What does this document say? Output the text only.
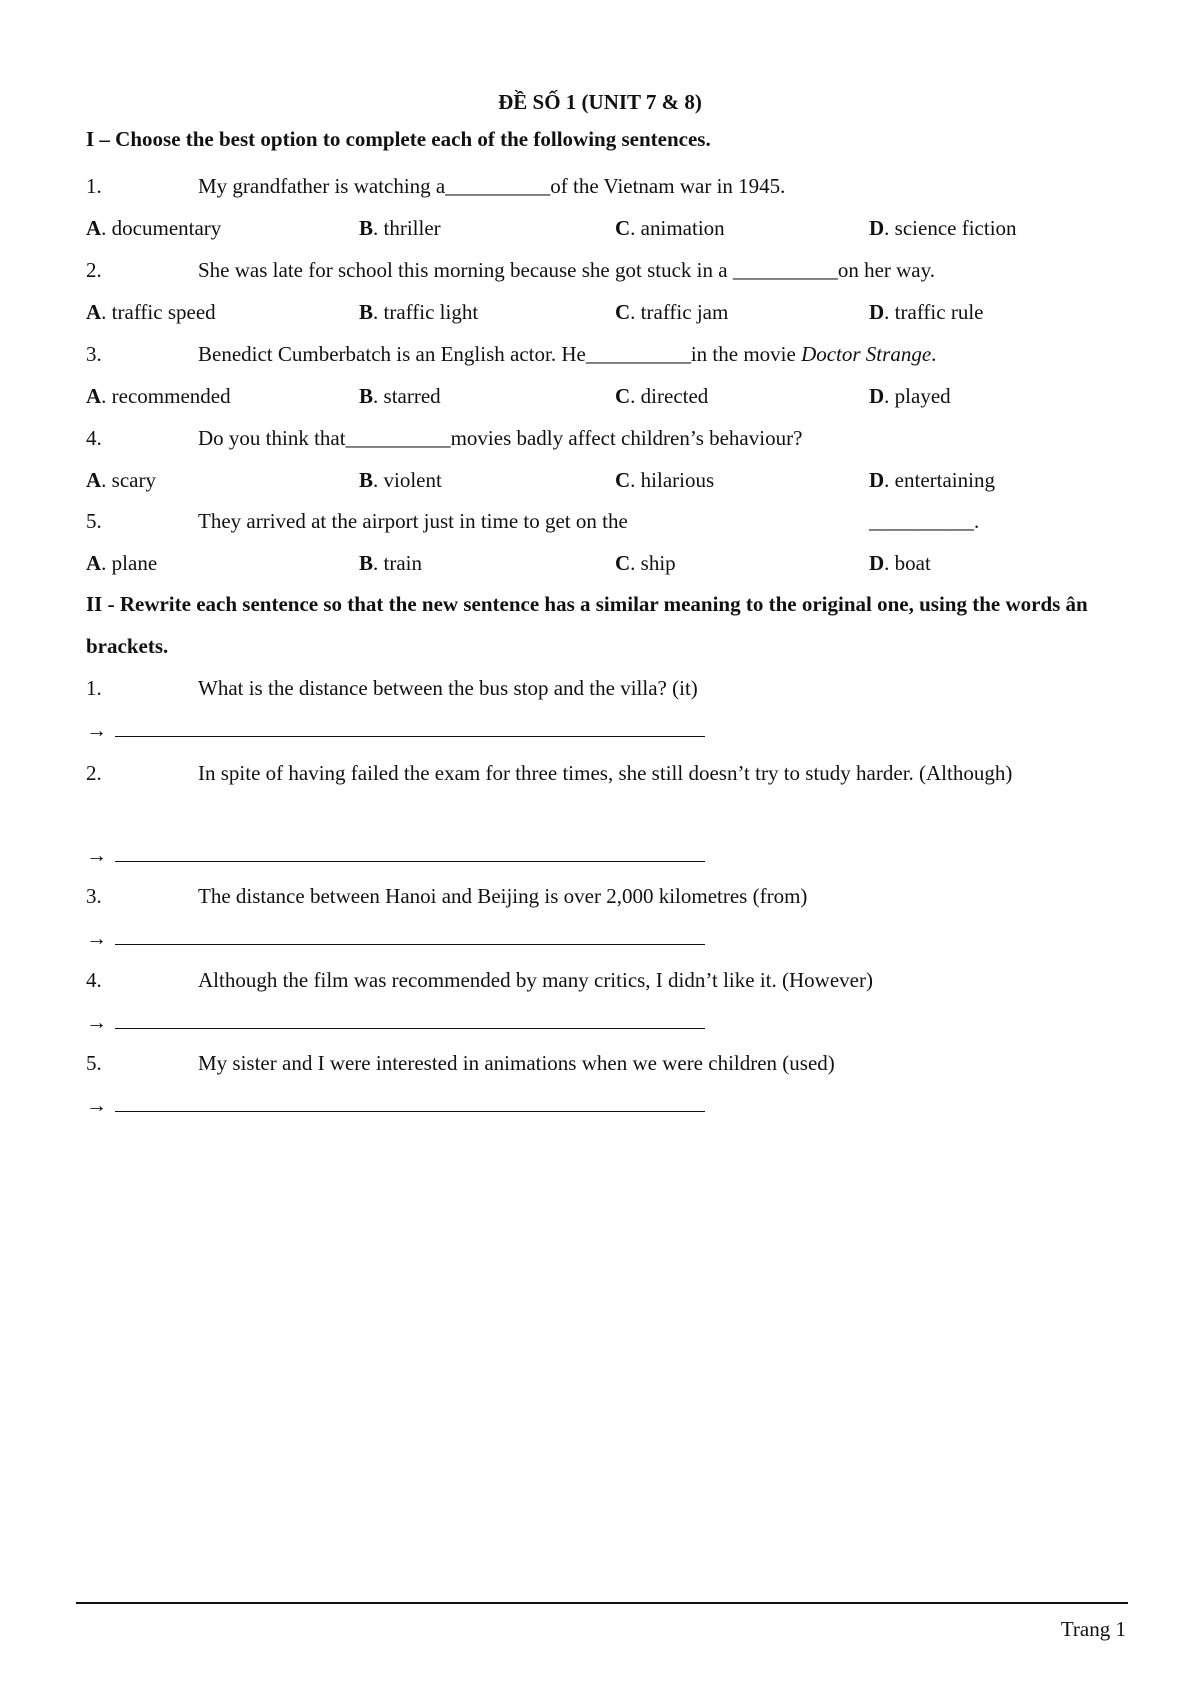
ĐỀ SỐ 1 (UNIT 7 & 8)
I – Choose the best option to complete each of the following sentences.
1.	My grandfather is watching a__________of the Vietnam war in 1945.
A. documentary	B. thriller	C. animation	D. science fiction
2.	She was late for school this morning because she got stuck in a __________on her way.
A. traffic speed	B. traffic light	C. traffic jam	D. traffic rule
3.	Benedict Cumberbatch is an English actor. He__________in the movie Doctor Strange.
A. recommended	B. starred	C. directed	D. played
4.	Do you think that__________movies badly affect children’s behaviour?
A. scary	B. violent	C. hilarious	D. entertaining
5.	They arrived at the airport just in time to get on the	__________.
A. plane	B. train	C. ship	D. boat
II - Rewrite each sentence so that the new sentence has a similar meaning to the original one, using the words ân brackets.
1.	What is the distance between the bus stop and the villa? (it)
→
2.	In spite of having failed the exam for three times, she still doesn’t try to study harder. (Although)
→
3.	The distance between Hanoi and Beijing is over 2,000 kilometres (from)
→
4.	Although the film was recommended by many critics, I didn’t like it. (However)
→
5.	My sister and I were interested in animations when we were children (used)
→
Trang 1
